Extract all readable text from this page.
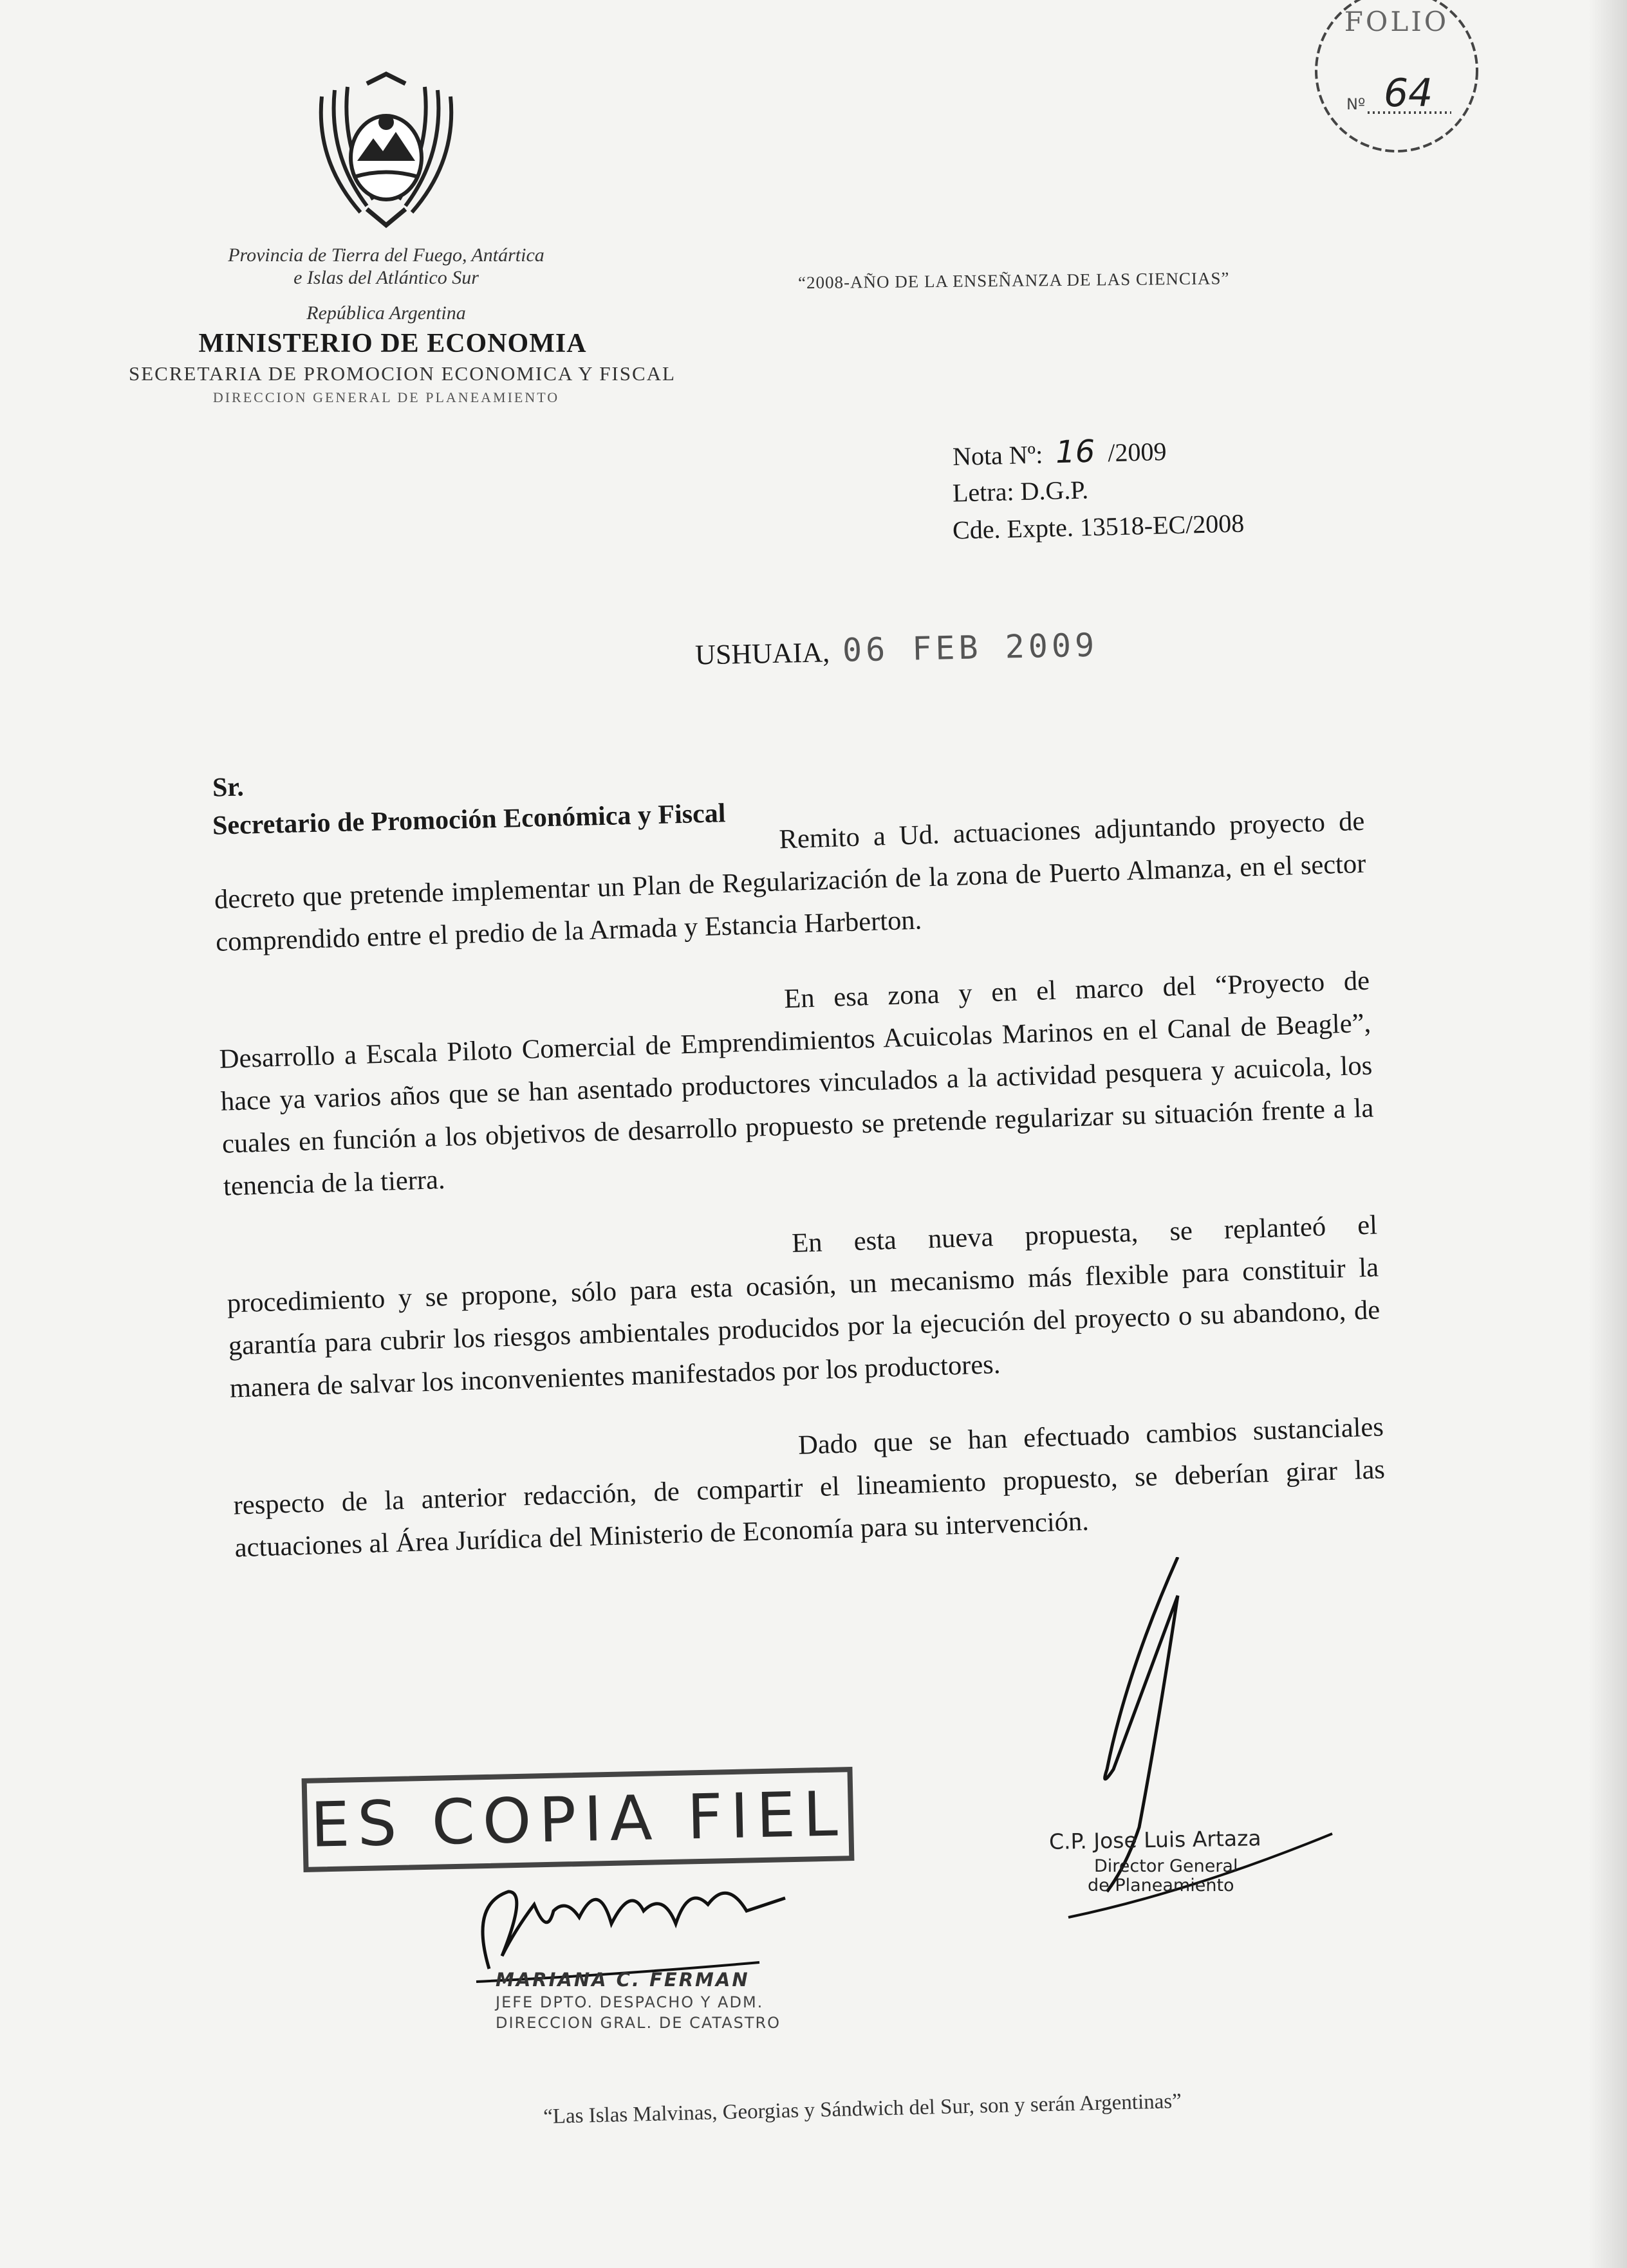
Provincia de Tierra del Fuego, Antártica
e Islas del Atlántico Sur
República Argentina
MINISTERIO DE ECONOMIA
SECRETARIA DE PROMOCION ECONOMICA Y FISCAL
DIRECCION GENERAL DE PLANEAMIENTO
“2008-AÑO DE LA ENSEÑANZA DE LAS CIENCIAS”
FOLIO
Nº 64
Nota Nº: 16 /2009
Letra: D.G.P.
Cde. Expte. 13518-EC/2008
USHUAIA, 06 FEB 2009
Sr.
Secretario de Promoción Económica y Fiscal	Remito a Ud. actuaciones adjuntando proyecto de decreto que pretende implementar un Plan de Regularización de la zona de Puerto Almanza, en el sector comprendido entre el predio de la Armada y Estancia Harberton.

En esa zona y en el marco del “Proyecto de Desarrollo a Escala Piloto Comercial de Emprendimientos Acuicolas Marinos en el Canal de Beagle”, hace ya varios años que se han asentado productores vinculados a la actividad pesquera y acuicola, los cuales en función a los objetivos de desarrollo propuesto se pretende regularizar su situación frente a la tenencia de la tierra.

En esta nueva propuesta, se replanteó el procedimiento y se propone, sólo para esta ocasión, un mecanismo más flexible para constituir la garantía para cubrir los riesgos ambientales producidos por la ejecución del proyecto o su abandono, de manera de salvar los inconvenientes manifestados por los productores.

Dado que se han efectuado cambios sustanciales respecto de la anterior redacción, de compartir el lineamiento propuesto, se deberían girar las actuaciones al Área Jurídica del Ministerio de Economía para su intervención.

ES COPIA FIEL
MARIANA C. FERMAN
JEFE DPTO. DESPACHO Y ADM.
DIRECCION GRAL. DE CATASTRO
C.P. Jose Luis Artaza
Director General
de Planeamiento
“Las Islas Malvinas, Georgias y Sándwich del Sur, son y serán Argentinas”
